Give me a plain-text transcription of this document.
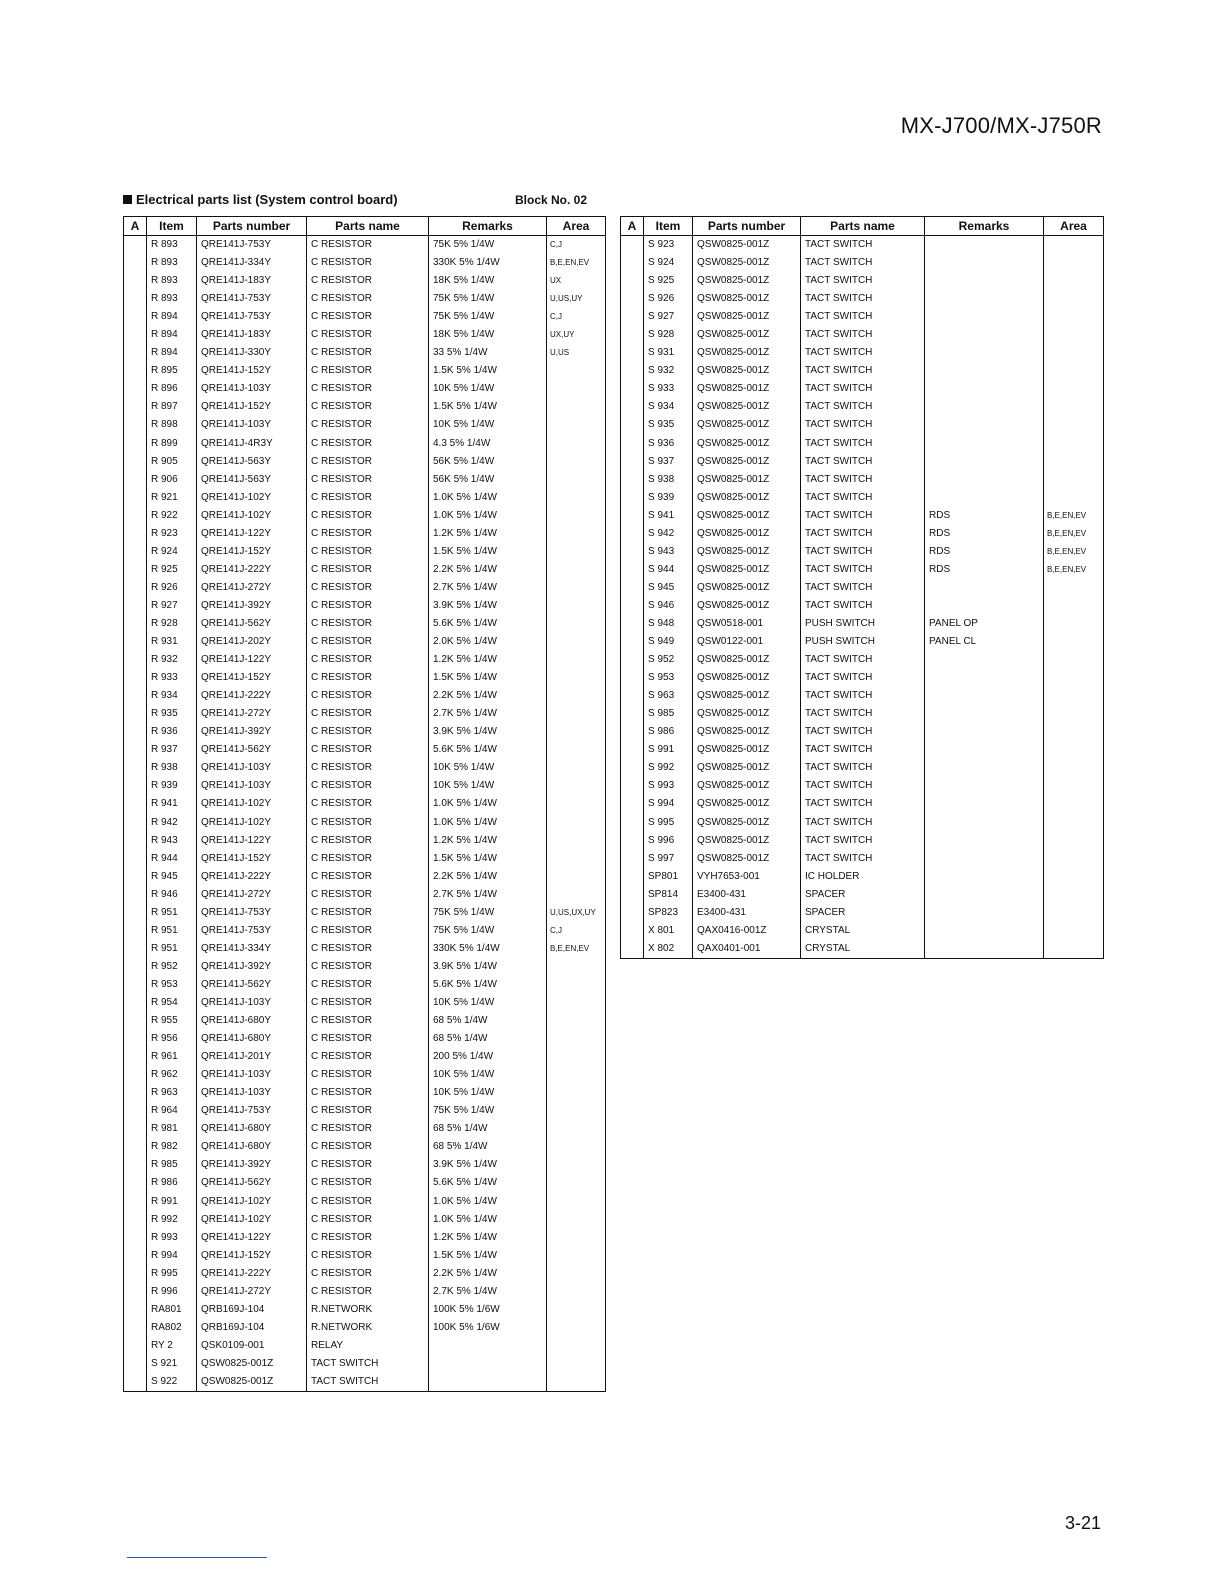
MX-J700/MX-J750R
Electrical parts list (System control board)	Block No. 02
A	Item	Parts number	Parts name	Remarks	Area
	R 893	QRE141J-753Y	C RESISTOR	75K 5% 1/4W	C,J
	R 893	QRE141J-334Y	C RESISTOR	330K 5% 1/4W	B,E,EN,EV
	R 893	QRE141J-183Y	C RESISTOR	18K 5% 1/4W	UX
	R 893	QRE141J-753Y	C RESISTOR	75K 5% 1/4W	U,US,UY
	R 894	QRE141J-753Y	C RESISTOR	75K 5% 1/4W	C,J
	R 894	QRE141J-183Y	C RESISTOR	18K 5% 1/4W	UX,UY
	R 894	QRE141J-330Y	C RESISTOR	33 5% 1/4W	U,US
	R 895	QRE141J-152Y	C RESISTOR	1.5K 5% 1/4W	
	R 896	QRE141J-103Y	C RESISTOR	10K 5% 1/4W	
	R 897	QRE141J-152Y	C RESISTOR	1.5K 5% 1/4W	
	R 898	QRE141J-103Y	C RESISTOR	10K 5% 1/4W	
	R 899	QRE141J-4R3Y	C RESISTOR	4.3 5% 1/4W	
	R 905	QRE141J-563Y	C RESISTOR	56K 5% 1/4W	
	R 906	QRE141J-563Y	C RESISTOR	56K 5% 1/4W	
	R 921	QRE141J-102Y	C RESISTOR	1.0K 5% 1/4W	
	R 922	QRE141J-102Y	C RESISTOR	1.0K 5% 1/4W	
	R 923	QRE141J-122Y	C RESISTOR	1.2K 5% 1/4W	
	R 924	QRE141J-152Y	C RESISTOR	1.5K 5% 1/4W	
	R 925	QRE141J-222Y	C RESISTOR	2.2K 5% 1/4W	
	R 926	QRE141J-272Y	C RESISTOR	2.7K 5% 1/4W	
	R 927	QRE141J-392Y	C RESISTOR	3.9K 5% 1/4W	
	R 928	QRE141J-562Y	C RESISTOR	5.6K 5% 1/4W	
	R 931	QRE141J-202Y	C RESISTOR	2.0K 5% 1/4W	
	R 932	QRE141J-122Y	C RESISTOR	1.2K 5% 1/4W	
	R 933	QRE141J-152Y	C RESISTOR	1.5K 5% 1/4W	
	R 934	QRE141J-222Y	C RESISTOR	2.2K 5% 1/4W	
	R 935	QRE141J-272Y	C RESISTOR	2.7K 5% 1/4W	
	R 936	QRE141J-392Y	C RESISTOR	3.9K 5% 1/4W	
	R 937	QRE141J-562Y	C RESISTOR	5.6K 5% 1/4W	
	R 938	QRE141J-103Y	C RESISTOR	10K 5% 1/4W	
	R 939	QRE141J-103Y	C RESISTOR	10K 5% 1/4W	
	R 941	QRE141J-102Y	C RESISTOR	1.0K 5% 1/4W	
	R 942	QRE141J-102Y	C RESISTOR	1.0K 5% 1/4W	
	R 943	QRE141J-122Y	C RESISTOR	1.2K 5% 1/4W	
	R 944	QRE141J-152Y	C RESISTOR	1.5K 5% 1/4W	
	R 945	QRE141J-222Y	C RESISTOR	2.2K 5% 1/4W	
	R 946	QRE141J-272Y	C RESISTOR	2.7K 5% 1/4W	
	R 951	QRE141J-753Y	C RESISTOR	75K 5% 1/4W	U,US,UX,UY
	R 951	QRE141J-753Y	C RESISTOR	75K 5% 1/4W	C,J
	R 951	QRE141J-334Y	C RESISTOR	330K 5% 1/4W	B,E,EN,EV
	R 952	QRE141J-392Y	C RESISTOR	3.9K 5% 1/4W	
	R 953	QRE141J-562Y	C RESISTOR	5.6K 5% 1/4W	
	R 954	QRE141J-103Y	C RESISTOR	10K 5% 1/4W	
	R 955	QRE141J-680Y	C RESISTOR	68 5% 1/4W	
	R 956	QRE141J-680Y	C RESISTOR	68 5% 1/4W	
	R 961	QRE141J-201Y	C RESISTOR	200 5% 1/4W	
	R 962	QRE141J-103Y	C RESISTOR	10K 5% 1/4W	
	R 963	QRE141J-103Y	C RESISTOR	10K 5% 1/4W	
	R 964	QRE141J-753Y	C RESISTOR	75K 5% 1/4W	
	R 981	QRE141J-680Y	C RESISTOR	68 5% 1/4W	
	R 982	QRE141J-680Y	C RESISTOR	68 5% 1/4W	
	R 985	QRE141J-392Y	C RESISTOR	3.9K 5% 1/4W	
	R 986	QRE141J-562Y	C RESISTOR	5.6K 5% 1/4W	
	R 991	QRE141J-102Y	C RESISTOR	1.0K 5% 1/4W	
	R 992	QRE141J-102Y	C RESISTOR	1.0K 5% 1/4W	
	R 993	QRE141J-122Y	C RESISTOR	1.2K 5% 1/4W	
	R 994	QRE141J-152Y	C RESISTOR	1.5K 5% 1/4W	
	R 995	QRE141J-222Y	C RESISTOR	2.2K 5% 1/4W	
	R 996	QRE141J-272Y	C RESISTOR	2.7K 5% 1/4W	
	RA801	QRB169J-104	R.NETWORK	100K 5% 1/6W	
	RA802	QRB169J-104	R.NETWORK	100K 5% 1/6W	
	RY 2	QSK0109-001	RELAY		
	S 921	QSW0825-001Z	TACT SWITCH		
	S 922	QSW0825-001Z	TACT SWITCH		
A	Item	Parts number	Parts name	Remarks	Area
	S 923	QSW0825-001Z	TACT SWITCH		
	S 924	QSW0825-001Z	TACT SWITCH		
	S 925	QSW0825-001Z	TACT SWITCH		
	S 926	QSW0825-001Z	TACT SWITCH		
	S 927	QSW0825-001Z	TACT SWITCH		
	S 928	QSW0825-001Z	TACT SWITCH		
	S 931	QSW0825-001Z	TACT SWITCH		
	S 932	QSW0825-001Z	TACT SWITCH		
	S 933	QSW0825-001Z	TACT SWITCH		
	S 934	QSW0825-001Z	TACT SWITCH		
	S 935	QSW0825-001Z	TACT SWITCH		
	S 936	QSW0825-001Z	TACT SWITCH		
	S 937	QSW0825-001Z	TACT SWITCH		
	S 938	QSW0825-001Z	TACT SWITCH		
	S 939	QSW0825-001Z	TACT SWITCH		
	S 941	QSW0825-001Z	TACT SWITCH	RDS	B,E,EN,EV
	S 942	QSW0825-001Z	TACT SWITCH	RDS	B,E,EN,EV
	S 943	QSW0825-001Z	TACT SWITCH	RDS	B,E,EN,EV
	S 944	QSW0825-001Z	TACT SWITCH	RDS	B,E,EN,EV
	S 945	QSW0825-001Z	TACT SWITCH		
	S 946	QSW0825-001Z	TACT SWITCH		
	S 948	QSW0518-001	PUSH SWITCH	PANEL OP	
	S 949	QSW0122-001	PUSH SWITCH	PANEL CL	
	S 952	QSW0825-001Z	TACT SWITCH		
	S 953	QSW0825-001Z	TACT SWITCH		
	S 963	QSW0825-001Z	TACT SWITCH		
	S 985	QSW0825-001Z	TACT SWITCH		
	S 986	QSW0825-001Z	TACT SWITCH		
	S 991	QSW0825-001Z	TACT SWITCH		
	S 992	QSW0825-001Z	TACT SWITCH		
	S 993	QSW0825-001Z	TACT SWITCH		
	S 994	QSW0825-001Z	TACT SWITCH		
	S 995	QSW0825-001Z	TACT SWITCH		
	S 996	QSW0825-001Z	TACT SWITCH		
	S 997	QSW0825-001Z	TACT SWITCH		
	SP801	VYH7653-001	IC HOLDER		
	SP814	E3400-431	SPACER		
	SP823	E3400-431	SPACER		
	X 801	QAX0416-001Z	CRYSTAL		
	X 802	QAX0401-001	CRYSTAL		
3-21
